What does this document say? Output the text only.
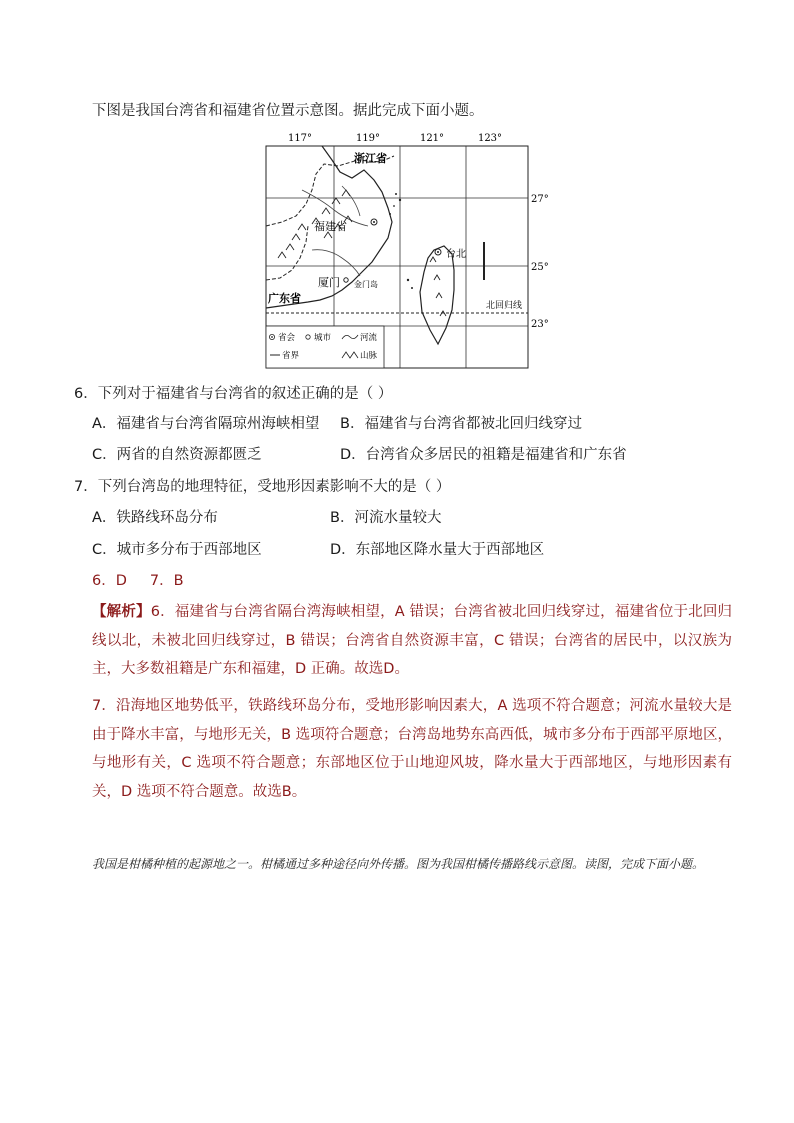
下图是我国台湾省和福建省位置示意图。据此完成下面小题。
117°	119°	121°	123°
27°
25°
23°
浙江省
福建省
广东省
厦门 金门岛
台北
北回归线
省会 城市	河流
省界	山脉
6．下列对于福建省与台湾省的叙述正确的是（ ）
A．福建省与台湾省隔琼州海峡相望 B．福建省与台湾省都被北回归线穿过
C．两省的自然资源都匮乏	D．台湾省众多居民的祖籍是福建省和广东省
7．下列台湾岛的地理特征，受地形因素影响不大的是（ ）
A．铁路线环岛分布	B．河流水量较大
C．城市多分布于西部地区	D．东部地区降水量大于西部地区
6．D     7．B
【解析】6．福建省与台湾省隔台湾海峡相望，A 错误；台湾省被北回归线穿过，福建省位于北回归线以北，未被北回归线穿过，B 错误；台湾省自然资源丰富，C 错误；台湾省的居民中，以汉族为主，大多数祖籍是广东和福建，D 正确。故选D。
7．沿海地区地势低平，铁路线环岛分布，受地形影响因素大，A 选项不符合题意；河流水量较大是由于降水丰富，与地形无关，B 选项符合题意；台湾岛地势东高西低，城市多分布于西部平原地区，与地形有关，C 选项不符合题意；东部地区位于山地迎风坡，降水量大于西部地区，与地形因素有关，D 选项不符合题意。故选B。
我国是柑橘种植的起源地之一。柑橘通过多种途径向外传播。图为我国柑橘传播路线示意图。读图，完成下面小题。
